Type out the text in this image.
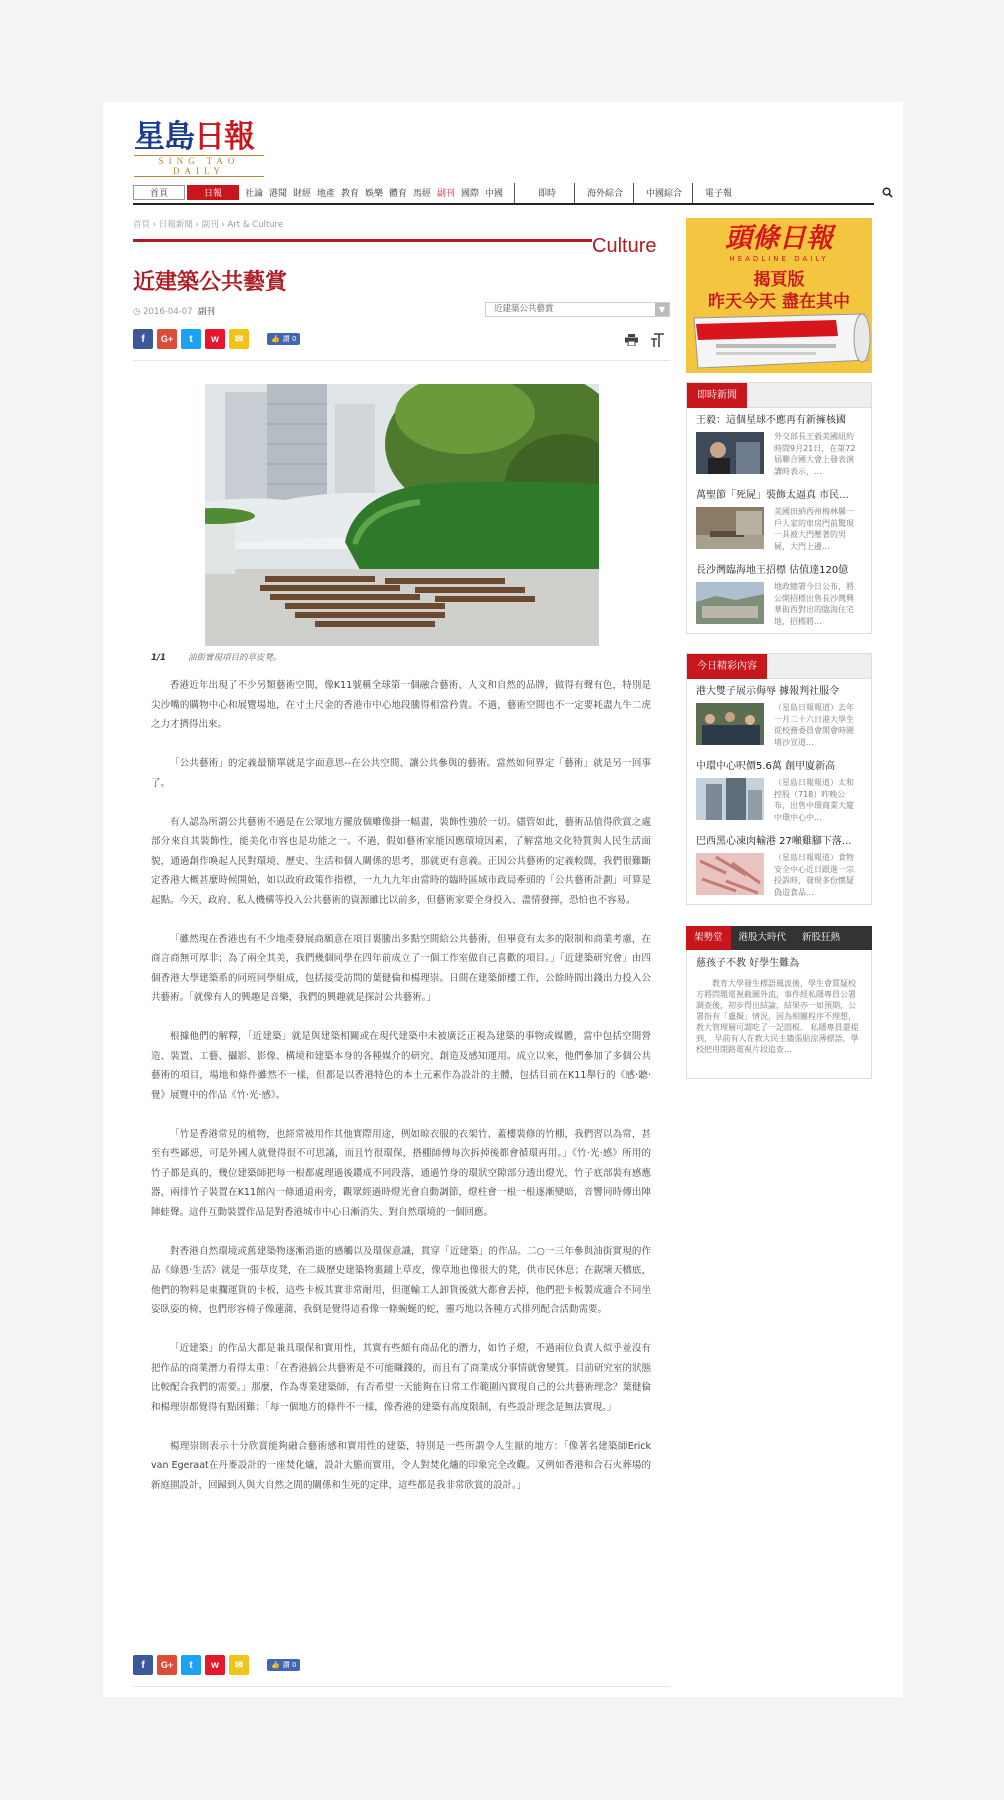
星島日報
SING TAO DAILY
首頁	日報	社論 港聞 財經 地產 教育 娛樂 體育 馬經 副刊 國際 中國	即時	海外綜合	中國綜合	電子報
首頁 › 日報新聞 › 副刊 › Art & Culture
Culture
近建築公共藝賞
◷ 2016-04-07 副刊	近建築公共藝賞	▼
f	G+	t	w	✉	👍 讚 0
1/1	油街實現項目的草皮凳。

香港近年出現了不少另類藝術空間，像K11號稱全球第一個融合藝術、人文和自然的品牌，做得有聲有色，特別是尖沙嘴的購物中心和展覽場地，在寸土尺金的香港市中心地段騰得相當矜貴。不過，藝術空間也不一定要耗盡九牛二虎之力才擠得出來。

「公共藝術」的定義最簡單就是字面意思--在公共空間、讓公共參與的藝術。當然如何界定「藝術」就是另一回事了。

有人認為所謂公共藝術不過是在公眾地方擺放個雕像掛一幅畫，裝飾性強於一切。儘管如此，藝術品值得欣賞之處部分來自其裝飾性，能美化市容也是功能之一。不過，假如藝術家能因應環境因素，了解當地文化特質與人民生活面貌，通過創作喚起人民對環境、歷史、生活和個人關係的思考，那就更有意義。正因公共藝術的定義較闊，我們很難斷定香港大概甚麼時候開始，如以政府政策作指標，一九九九年由當時的臨時區域市政局牽頭的「公共藝術計劃」可算是起點。今天，政府、私人機構等投入公共藝術的資源雖比以前多，但藝術家要全身投入、盡情發揮，恐怕也不容易。

「雖然現在香港也有不少地產發展商願意在項目裏騰出多點空間給公共藝術，但畢竟有太多的限制和商業考慮，在商言商無可厚非；為了兩全其美，我們幾個同學在四年前成立了一個工作室做自己喜歡的項目。」「近建築研究會」由四個香港大學建築系的同班同學組成，包括接受訪問的葉健倫和楊理崇。日間在建築師樓工作，公餘時間出錢出力投入公共藝術。「就像有人的興趣是音樂，我們的興趣就是探討公共藝術。」

根據他們的解釋，「近建築」就是與建築相關或在現代建築中未被廣泛正視為建築的事物或媒體，當中包括空間營造、裝置、工藝、攝影、影像、構境和建築本身的各種媒介的研究、創造及感知運用。成立以來，他們參加了多個公共藝術的項目，場地和條件雖然不一樣，但都是以香港特色的本土元素作為設計的主體，包括目前在K11舉行的《感‧聽‧覺》展覽中的作品《竹‧光‧感》。

「竹是香港常見的植物，也經常被用作其他實際用途，例如晾衣服的衣架竹、蓋樓裝修的竹棚，我們習以為常，甚至有些鄙惡，可是外國人就覺得很不可思議，而且竹很環保，搭棚師傅每次拆掉後都會循環再用。」《竹‧光‧感》所用的竹子都是真的，幾位建築師把每一根都處理過後鑽成不同段落，通過竹身的環狀空隙部分透出燈光，竹子底部裝有感應器，兩排竹子裝置在K11館內一條通道兩旁，觀眾經過時燈光會自動調節，燈柱會一根一根逐漸變暗，音響同時傳出陣陣蛙聲。這件互動裝置作品是對香港城市中心日漸消失、對自然環境的一個回應。

對香港自然環境或舊建築物逐漸消逝的感觸以及環保意識，貫穿「近建築」的作品。二○一三年參與油街實現的作品《綠愚‧生活》就是一張草皮凳，在二級歷史建築物裏鋪上草皮，像草地也像很大的凳，供市民休息；在鋸壞天橋底，他們的物料是東攔運貨的卡板，這些卡板其實非常耐用，但運輸工人卸貨後就大都會丟掉，他們把卡板製成適合不同坐姿臥姿的椅，也們形容椅子像蓮蒲，我倒是覺得這看像一條蜿蜒的蛇，靈巧地以各種方式排列配合活動需要。

「近建築」的作品大都是兼具環保和實用性，其實有些頗有商品化的潛力，如竹子燈，不過兩位負責人似乎並沒有把作品的商業潛力看得太重：「在香港搞公共藝術是不可能賺錢的，而且有了商業成分事情就會變質。目前研究室的狀態比較配合我們的需要。」那麼，作為專業建築師，有否希望一天能夠在日常工作範圍內實現自己的公共藝術理念？葉健倫和楊理崇都覺得有點困難：「每一個地方的條件不一樣，像香港的建築有高度限制，有些設計理念是無法實現。」

楊理崇則表示十分欣賞能夠融合藝術感和實用性的建築，特別是一些所謂令人生厭的地方：「像著名建築師Erick van Egeraat在丹麥設計的一座焚化爐，設計大膽而實用，令人對焚化爐的印象完全改觀。又例如香港和合石火葬場的新庭園設計，回歸到人與大自然之間的關係和生死的定律，這些都是我非常欣賞的設計。」

f	G+	t	w	✉	👍 讚 0
頭條日報
HEADLINE DAILY
揭頁版
昨天今天 盡在其中
即時新聞
王毅：這個星球不應再有新擁核國
外交部長王毅美國紐約時間9月21日，在第72屆聯合國大會上發表演講時表示，...
萬聖節「死屍」裝飾太逼真 市民...
美國田納西州梅林縣一戶人家的車房門前驚現一具被大門壓著的男屍，大門上邊...
長沙灣臨海地王招標 估值達120億
地政總署今日公布，將公開招標出售長沙灣興華街西對出的臨海住宅地，招標將...
今日精彩內容
港大雙子展示侮辱 據報判社服令
（星島日報報道）去年一月二十六日港大學生從校務委員會開會時圍堵沙宣道...
中環中心呎價5.6萬 創甲廈新高
（星島日報報道）太和控股（718）昨晚公布，出售中環商業大廈中環中心中...
巴西黑心凍肉輸港 27噸雞腳下落...
（星島日報報道）食物安全中心近日跟進一宗投訴時，發現多份懷疑偽造食品...
架勢堂	港股大時代	新股狂熱
慈孩子不教 好學生難為
教育大學發生標語風波後，學生會質疑校方將問題電視截圖外流，事件經私隱專員公署調查後，初步得出結論，結果亦一如預期，公署指有「盧擬」情況，因為相關程序不理想，教大管理層可謂吃了一記悶棍。 私隱專員還提到， 早前有人在教大民主牆張貼涼薄標語，學校把用閉路電視片段追查...
